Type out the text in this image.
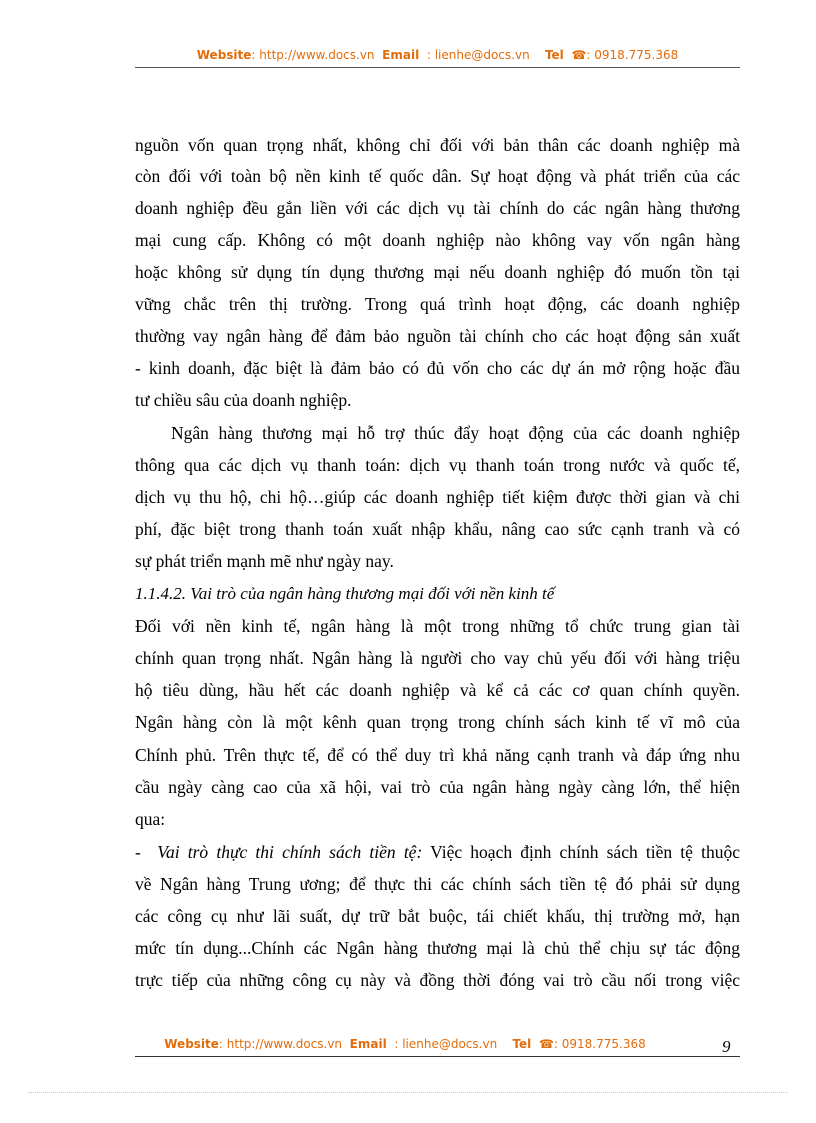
Website: http://www.docs.vn Email : lienhe@docs.vn Tel ☎: 0918.775.368
nguồn vốn quan trọng nhất, không chỉ đối với bản thân các doanh nghiệp mà
còn đối với toàn bộ nền kinh tế quốc dân. Sự hoạt động và phát triển của các
doanh nghiệp đều gắn liền với các dịch vụ tài chính do các ngân hàng thương
mại cung cấp. Không có một doanh nghiệp nào không vay vốn ngân hàng
hoặc không sử dụng tín dụng thương mại nếu doanh nghiệp đó muốn tồn tại
vững chắc trên thị trường. Trong quá trình hoạt động, các doanh nghiệp
thường vay ngân hàng để đảm bảo nguồn tài chính cho các hoạt động sản xuất
- kinh doanh, đặc biệt là đảm bảo có đủ vốn cho các dự án mở rộng hoặc đầu
tư chiều sâu của doanh nghiệp.
Ngân hàng thương mại hỗ trợ thúc đẩy hoạt động của các doanh nghiệp
thông qua các dịch vụ thanh toán: dịch vụ thanh toán trong nước và quốc tế,
dịch vụ thu hộ, chi hộ…giúp các doanh nghiệp tiết kiệm được thời gian và chi
phí, đặc biệt trong thanh toán xuất nhập khẩu, nâng cao sức cạnh tranh và có
sự phát triển mạnh mẽ như ngày nay.
1.1.4.2. Vai trò của ngân hàng thương mại đối với nền kinh tế
Đối với nền kinh tế, ngân hàng là một trong những tổ chức trung gian tài
chính quan trọng nhất. Ngân hàng là người cho vay chủ yếu đối với hàng triệu
hộ tiêu dùng, hầu hết các doanh nghiệp và kể cả các cơ quan chính quyền.
Ngân hàng còn là một kênh quan trọng trong chính sách kinh tế vĩ mô của
Chính phủ. Trên thực tế, để có thể duy trì khả năng cạnh tranh và đáp ứng nhu
cầu ngày càng cao của xã hội, vai trò của ngân hàng ngày càng lớn, thể hiện
qua:
-  Vai trò thực thi chính sách tiền tệ: Việc hoạch định chính sách tiền tệ thuộc
về Ngân hàng Trung ương; để thực thi các chính sách tiền tệ đó phải sử dụng
các công cụ như lãi suất, dự trữ bắt buộc, tái chiết khấu, thị trường mở, hạn
mức tín dụng...Chính các Ngân hàng thương mại là chủ thể chịu sự tác động
trực tiếp của những công cụ này và đồng thời đóng vai trò cầu nối trong việc
Website: http://www.docs.vn Email : lienhe@docs.vn Tel ☎: 0918.775.368	9
